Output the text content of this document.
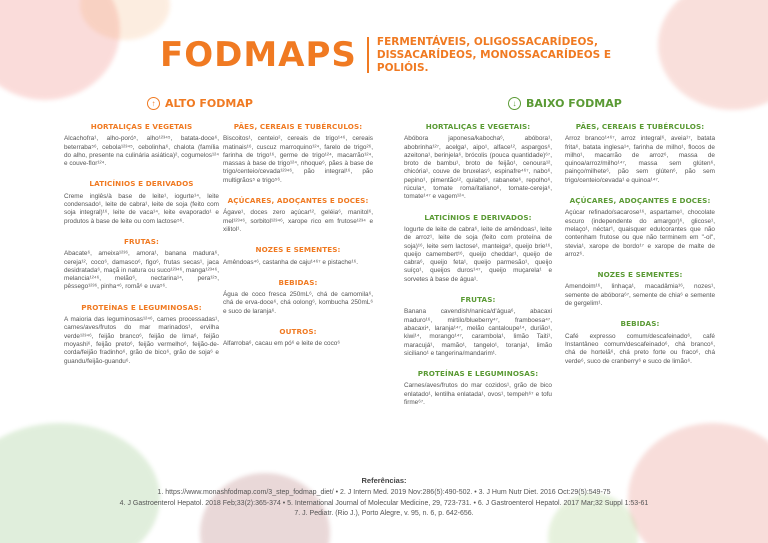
FODMAPS FERMENTÁVEIS, OLIGOSSACARÍDEOS, DISSACARÍDEOS, MONOSSACARÍDEOS E POLIÓIS.
↑ ALTO FODMAP	↓ BAIXO FODMAP
HORTALIÇAS E VEGETAIS
Alcachofra¹, alho-poró⁵, alho¹²³⁴⁵, batata-doce⁶, beterraba⁵⁶, cebola¹²³⁴⁵, cebolinha⁶, chalota (família do alho, presente na culinária asiática)², cogumelos¹²⁴ e couve-flor¹²⁴.
LATICÍNIOS E DERIVADOS
Creme inglês/à base de leite¹, iogurte¹⁴, leite condensado¹, leite de cabra¹, leite de soja (feito com soja integral)¹⁶, leite de vaca¹⁴, leite evaporado¹ e produtos à base de leite ou com lactose⁵⁶.
FRUTAS:
Abacate⁶, ameixa¹²³⁶, amora¹, banana madura⁶, cereja¹², coco⁶, damasco⁶, figo⁶, frutas secas¹, jaca desidratada⁶, maçã in natura ou suco¹²³⁴⁶, manga¹²³⁴⁶, melancia¹²⁴⁶, melão⁶, nectarina¹⁴, pera¹²⁵, pêssego¹²³⁶, pinha⁴⁶, romã⁶ e uva⁵⁶.
PROTEÍNAS E LEGUMINOSAS:
A maioria das leguminosas¹²⁴⁶, carnes processadas¹, carnes/aves/frutos do mar marinados¹, ervilha verde¹²³⁴⁶, feijão branco⁶, feijão de lima⁶, feijão moyashi⁶, feijão preto⁶, feijão vermelho⁶, feijão-de-corda/feijão fradinho⁶, grão de bico⁶, grão de soja⁶ e guandu/feijão-guandu⁶.
PÃES, CEREAIS E TUBÉRCULOS:
Biscoitos¹, centeio², cereais de trigo¹⁴⁶, cereais matinais¹⁶, cuscuz marroquino¹²⁴, farelo de trigo²⁶, farinha de trigo¹⁶, germe de trigo¹²⁴, macarrão¹²⁴, massas à base de trigo¹²⁴, nhoque⁶, pães à base de trigo/centeio/cevada¹²³⁴⁶, pão integral¹⁶, pão multigrãos⁵ e trigo⁵⁶.
AÇÚCARES, ADOÇANTES E DOCES:
Ágave¹, doces zero açúcar¹², geléia⁶, manitol⁶, mel¹²³⁴⁶, sorbitol¹²³⁴⁶, xarope rico em frutose¹²³⁴ e xilitol¹.
NOZES E SEMENTES:
Amêndoas⁴⁶, castanha de caju¹⁴⁶⁷ e pistache¹⁶.
BEBIDAS:
Água de coco fresca 250mL⁶, chá de camomila⁶, chá de erva-doce⁶, chá oolong⁶, kombucha 250mL⁶ e suco de laranja⁶.
OUTROS:
Alfarroba⁶, cacau em pó⁶ e leite de coco⁶
HORTALIÇAS E VEGETAIS:
Abóbora japonesa/kabocha⁶, abóbora¹, abobrinha¹²⁷, acelga¹, aipo¹, alface¹², aspargos⁶, azeitona¹, berinjela⁶, brócolis (pouca quantidade)⁶⁷, broto de bambu¹, broto de feijão¹, cenoura¹², chicória¹, couve de bruxelas⁶, espinafre⁴⁶⁷, nabo⁶, pepino¹, pimentão¹², quiabo⁶, rabanete⁶, repolho⁶, rúcula⁴, tomate roma/italiano⁶, tomate-cereja⁶, tomate¹⁴⁷ e vagem¹²⁴.
LATICÍNIOS E DERIVADOS:
Iogurte de leite de cabra⁶, leite de amêndoas¹, leite de arroz¹, leite de soja (feito com proteína de soja)¹⁶, leite sem lactose¹, manteiga⁶, queijo brie¹⁶, queijo camembert¹⁶, queijo cheddar¹, queijo de cabra⁶, queijo feta¹, queijo parmesão¹, queijo suíço¹, queijos duros¹⁴⁷, queijo muçarela¹ e sorvetes à base de água¹.
FRUTAS:
Banana cavendish/nanica/d'água⁶, abacaxi maduro¹⁶, mirtilo/blueberry⁴⁷, framboesa⁴⁷, abacaxi⁴, laranja¹⁴⁷, melão cantaloupe¹⁴, durião¹, kiwi¹⁴, morango¹⁴⁷, carambola¹, limão Taiti¹, maracujá¹, mamão¹, tangelo¹, toranja¹, limão siciliano¹ e tangerina/mandarim¹.
PROTEÍNAS E LEGUMINOSAS:
Carnes/aves/frutos do mar cozidos¹, grão de bico enlatado¹, lentilha enlatada¹, ovos¹, tempeh⁶⁷ e tofu firme⁶⁷.
PÃES, CEREAIS E TUBÉRCULOS:
Arroz branco¹⁴⁶⁷, arroz integral⁶, aveia¹⁷, batata frita⁶, batata inglesa¹⁴, farinha de milho¹, flocos de milho¹, macarrão de arroz⁶, massa de quinoa/arroz/milho¹⁴⁷, massa sem glúten⁶, painço/milhete⁶, pão sem glúten⁶, pão sem trigo/centeio/cevada¹ e quinoa¹⁴⁷.
AÇÚCARES, ADOÇANTES E DOCES:
Açúcar refinado/sacarose¹⁶, aspartame¹, chocolate escuro (independente do amargor)⁶, glicose¹, melaço¹, néctar¹, quaisquer edulcorantes que não contenham frutose ou que não terminem em "-ol", stevia¹, xarope de bordo¹⁷ e xarope de malte de arroz⁶.
NOZES E SEMENTES:
Amendoim¹⁶, linhaça¹, macadâmia¹⁶, nozes¹, semente de abóbora⁶⁷, semente de chia⁶ e semente de gergelim¹.
BEBIDAS:
Café expresso comum/descafeinado⁶, café Instantâneo comum/descafeinado⁶, chá branco⁶, chá de hortelã⁶, chá preto forte ou fraco⁶, chá verde⁶, suco de cranberry⁶ e suco de limão⁶.
Referências:
1. https://www.monashfodmap.com/3_step_fodmap_diet/ • 2. J Intern Med. 2019 Nov:286(5):490-502. • 3. J Hum Nutr Diet. 2016 Oct:29(5):549-75
4. J Gastroenterol Hepatol. 2018 Feb;33(2):365-374 • 5. International Journal of Molecular Medicine, 29, 723-731. • 6. J Gastroenterol Hepatol. 2017 Mar;32 Suppl 1:53-61
7. J. Pediatr. (Rio J.), Porto Alegre, v. 95, n. 6, p. 642-656.
